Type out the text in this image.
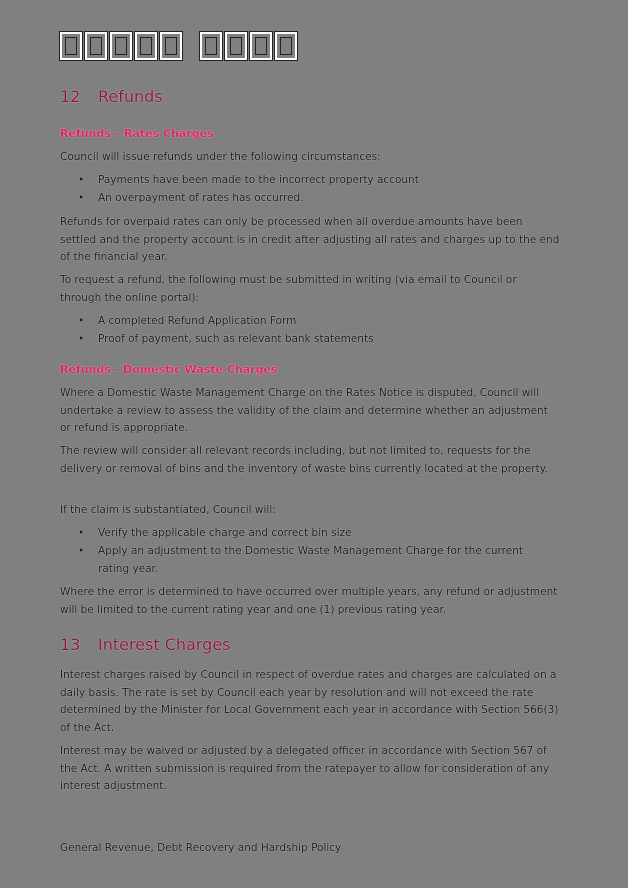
12	Refunds
Refunds – Rates Charges
Council will issue refunds under the following circumstances:
• Payments have been made to the incorrect property account
• An overpayment of rates has occurred.
Refunds for overpaid rates can only be processed when all overdue amounts have been settled and the property account is in credit after adjusting all rates and charges up to the end of the financial year.
To request a refund, the following must be submitted in writing (via email to Council or through the online portal):
• A completed Refund Application Form
• Proof of payment, such as relevant bank statements
Refunds - Domestic Waste Charges
Where a Domestic Waste Management Charge on the Rates Notice is disputed, Council will undertake a review to assess the validity of the claim and determine whether an adjustment or refund is appropriate.
The review will consider all relevant records including, but not limited to, requests for the delivery or removal of bins and the inventory of waste bins currently located at the property.
If the claim is substantiated, Council will:
• Verify the applicable charge and correct bin size
• Apply an adjustment to the Domestic Waste Management Charge for the current rating year.
Where the error is determined to have occurred over multiple years, any refund or adjustment will be limited to the current rating year and one (1) previous rating year.
13	Interest Charges
Interest charges raised by Council in respect of overdue rates and charges are calculated on a daily basis. The rate is set by Council each year by resolution and will not exceed the rate determined by the Minister for Local Government each year in accordance with Section 566(3) of the Act.
Interest may be waived or adjusted by a delegated officer in accordance with Section 567 of the Act. A written submission is required from the ratepayer to allow for consideration of any interest adjustment.
General Revenue, Debt Recovery and Hardship Policy
